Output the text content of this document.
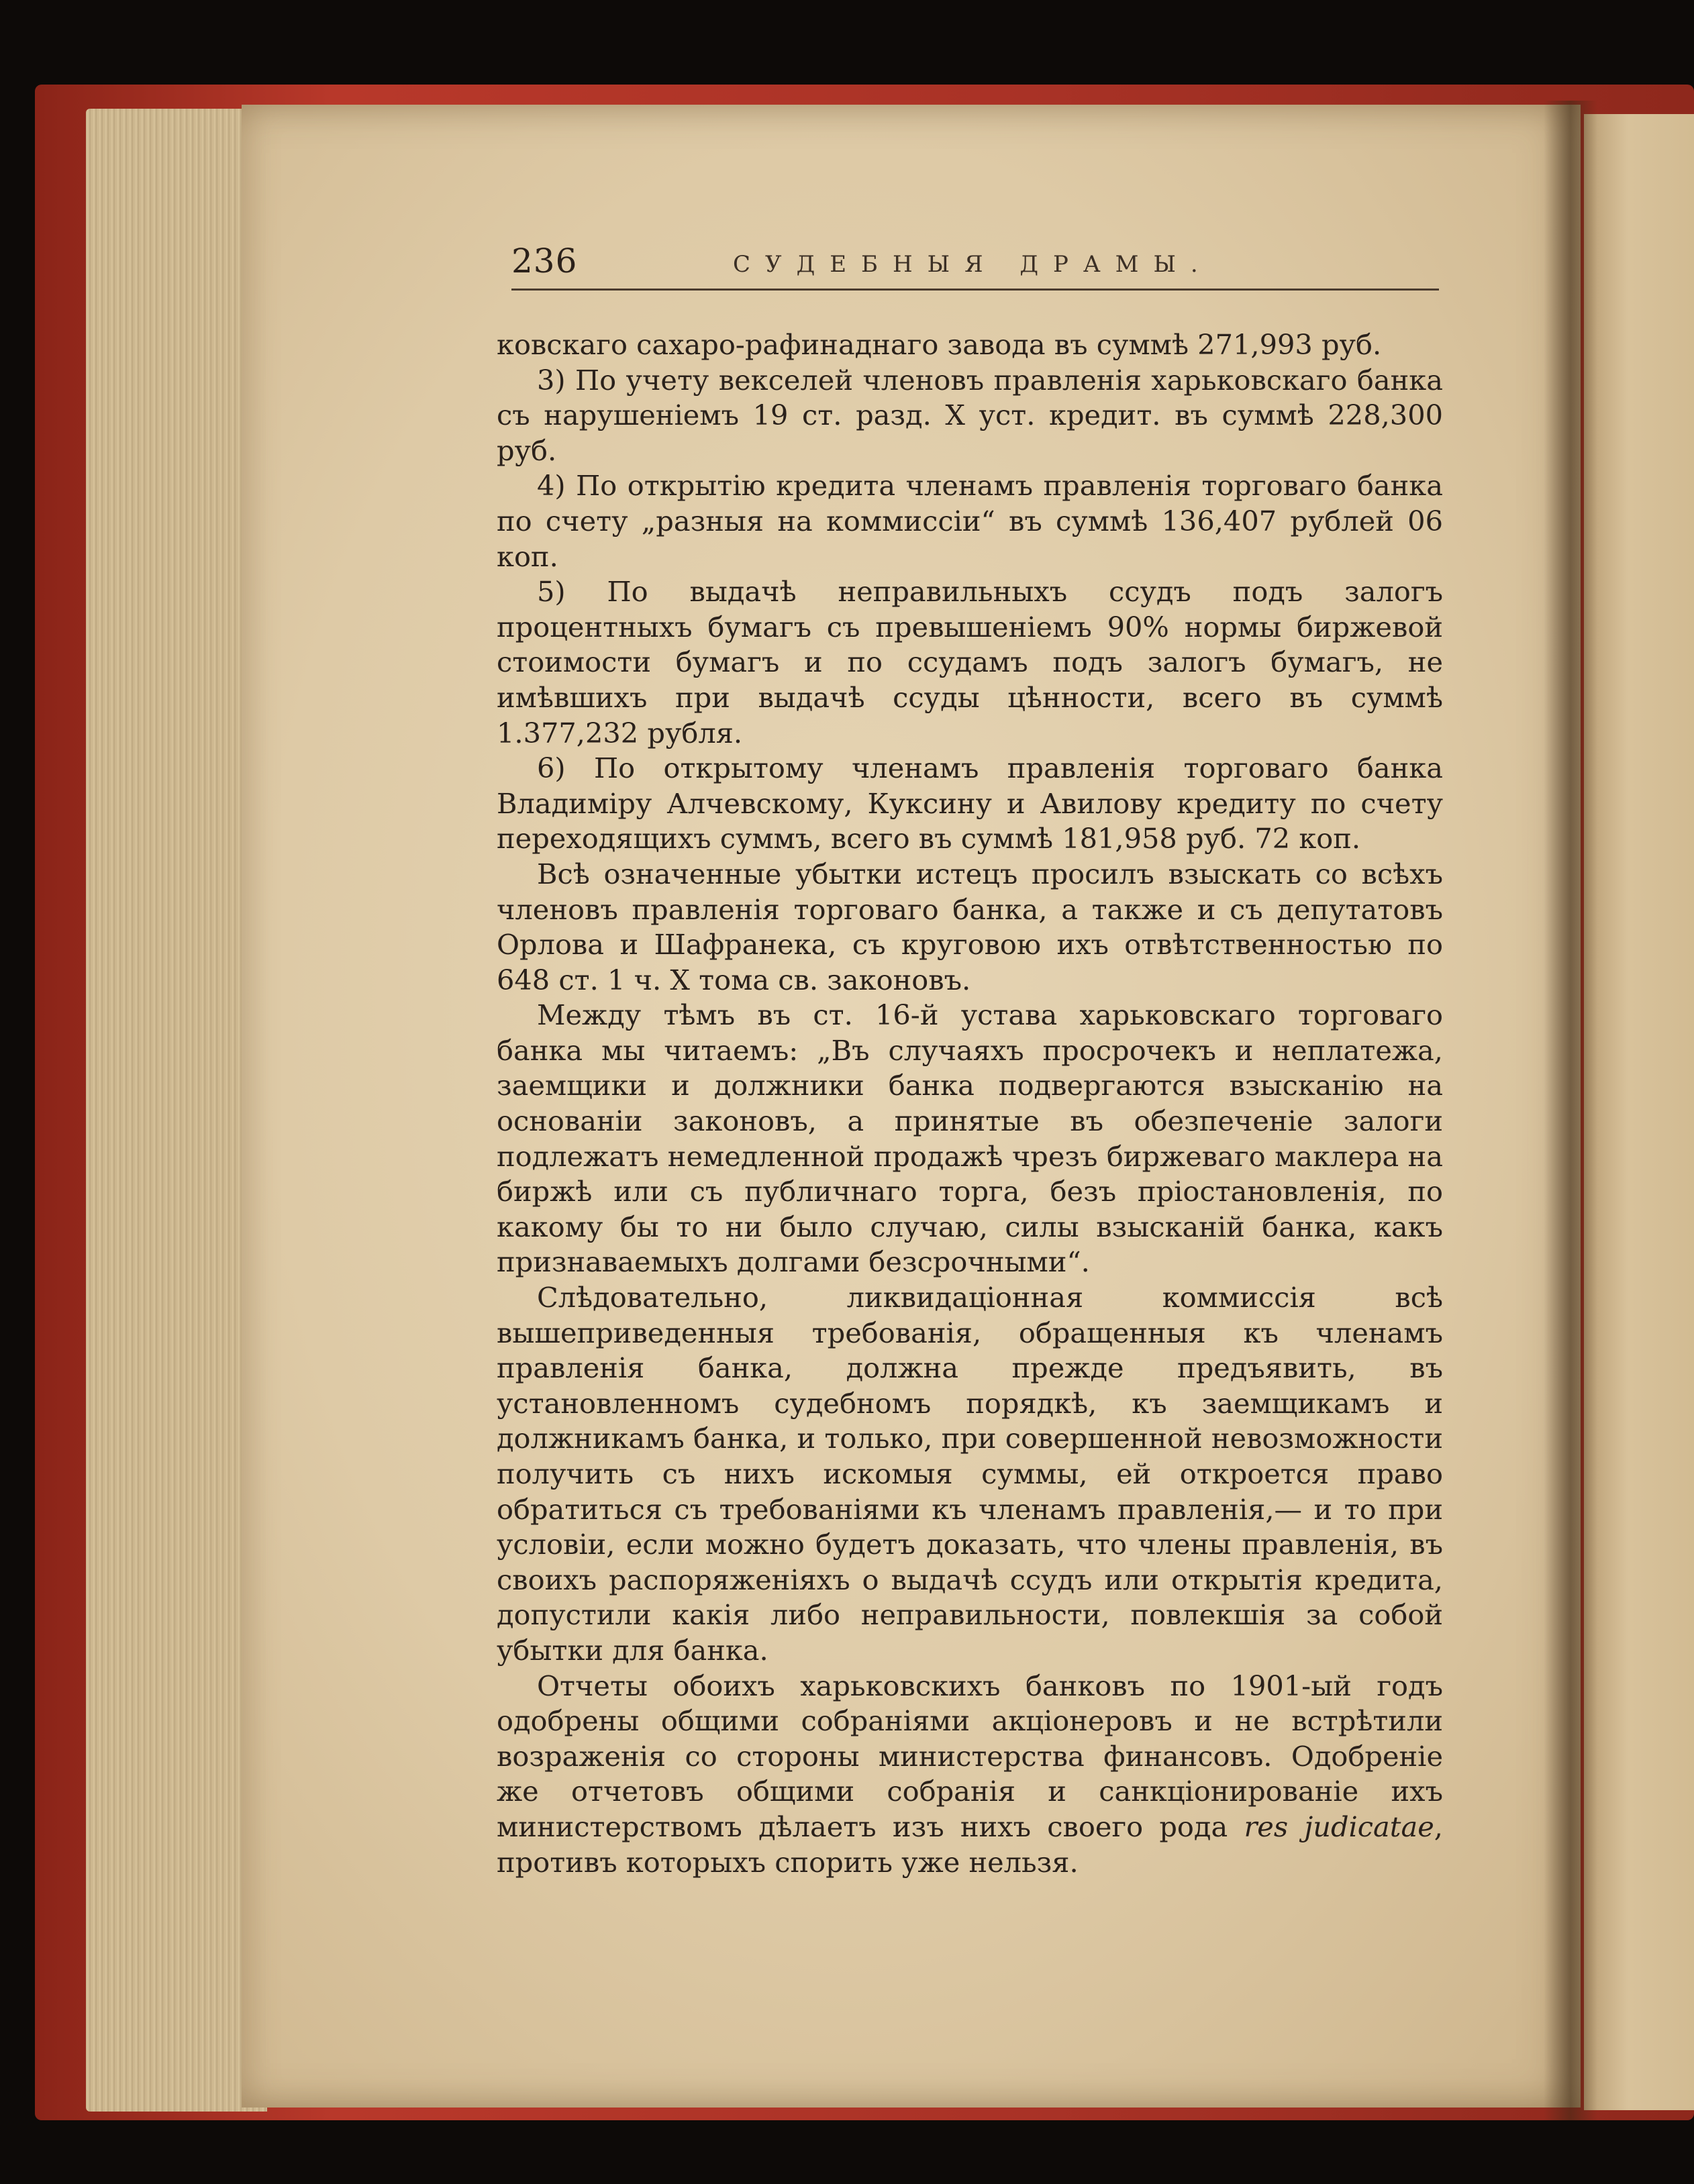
236	СУДЕБНЫЯ ДРАМЫ.

ковскаго сахаро-рафинаднаго завода въ суммѣ 271,993 руб.

3) По учету векселей членовъ правленія харьковскаго банка съ нарушеніемъ 19 ст. разд. X уст. кредит. въ суммѣ 228,300 руб.

4) По открытію кредита членамъ правленія торговаго банка по счету „разныя на коммиссіи“ въ суммѣ 136,407 рублей 06 коп.

5) По выдачѣ неправильныхъ ссудъ подъ залогъ процентныхъ бумагъ съ превышеніемъ 90% нормы биржевой стоимости бумагъ и по ссудамъ подъ залогъ бумагъ, не имѣвшихъ при выдачѣ ссуды цѣнности, всего въ суммѣ 1.377,232 рубля.

6) По открытому членамъ правленія торговаго банка Владиміру Алчевскому, Куксину и Авилову кредиту по счету переходящихъ суммъ, всего въ суммѣ 181,958 руб. 72 коп.

Всѣ означенные убытки истецъ просилъ взыскать со всѣхъ членовъ правленія торговаго банка, а также и съ депутатовъ Орлова и Шафранека, съ круговою ихъ отвѣтственностью по 648 ст. 1 ч. X тома св. законовъ.

Между тѣмъ въ ст. 16-й устава харьковскаго торговаго банка мы читаемъ: „Въ случаяхъ просрочекъ и неплатежа, заемщики и должники банка подвергаются взысканію на основаніи законовъ, а принятые въ обезпеченіе залоги подлежатъ немедленной продажѣ чрезъ биржеваго маклера на биржѣ или съ публичнаго торга, безъ пріостановленія, по какому бы то ни было случаю, силы взысканій банка, какъ признаваемыхъ долгами безсрочными“.

Слѣдовательно, ликвидаціонная коммиссія всѣ вышеприведенныя требованія, обращенныя къ членамъ правленія банка, должна прежде предъявить, въ установленномъ судебномъ порядкѣ, къ заемщикамъ и должникамъ банка, и только, при совершенной невозможности получить съ нихъ искомыя суммы, ей откроется право обратиться съ требованіями къ членамъ правленія,— и то при условіи, если можно будетъ доказать, что члены правленія, въ своихъ распоряженіяхъ о выдачѣ ссудъ или открытія кредита, допустили какія либо неправильности, повлекшія за собой убытки для банка.

Отчеты обоихъ харьковскихъ банковъ по 1901-ый годъ одобрены общими собраніями акціонеровъ и не встрѣтили возраженія со стороны министерства финансовъ. Одобреніе же отчетовъ общими собранія и санкціонированіе ихъ министерствомъ дѣлаетъ изъ нихъ своего рода res judicatae, противъ которыхъ спорить уже нельзя.
